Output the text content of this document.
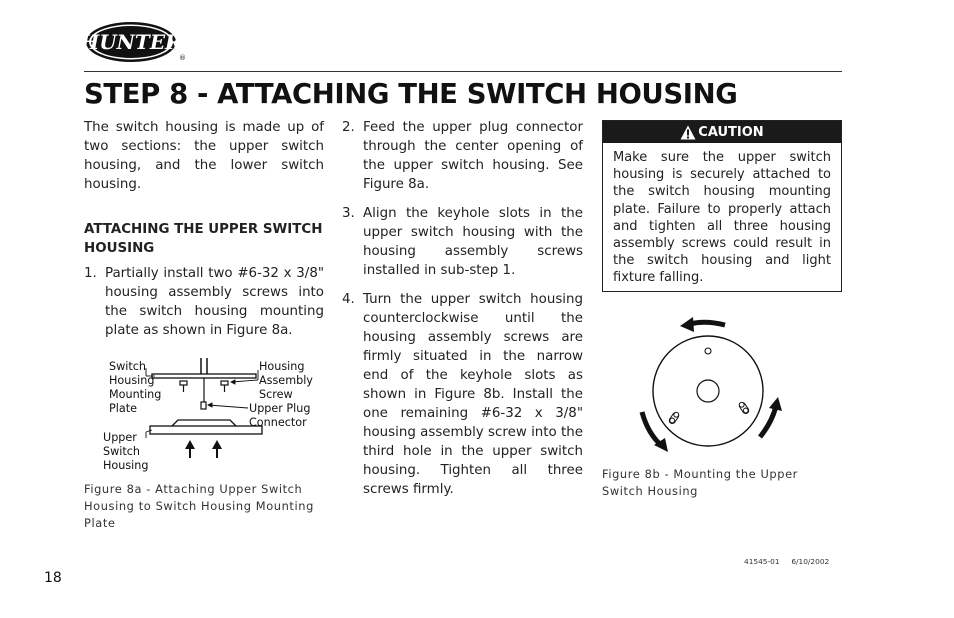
HUNTER
®
STEP 8 - ATTACHING THE SWITCH HOUSING

The switch housing is made up of two sections: the upper switch housing, and the lower switch housing.

ATTACHING THE UPPER SWITCH HOUSING

1. Partially install two #6-32 x 3/8" housing assembly screws into the switch housing mounting plate as shown in Figure 8a.
2. Feed the upper plug connector through the center opening of the upper switch housing. See Figure 8a.
3. Align the keyhole slots in the upper switch housing with the housing assembly screws installed in sub-step 1.
4. Turn the upper switch housing counterclockwise until the housing assembly screws are firmly situated in the narrow end of the keyhole slots as shown in Figure 8b. Install the one remaining #6-32 x 3/8" housing assembly screw into the third hole in the upper switch housing. Tighten all three screws firmly.
CAUTION
Make sure the upper switch housing is securely attached to the switch housing mounting plate. Failure to properly attach and tighten all three housing assembly screws could result in the switch housing and light fixture falling.
Switch
Housing
Mounting
Plate
Housing
Assembly
Screw
Upper Plug
Connector
Upper
Switch
Housing
Figure 8a - Attaching Upper Switch Housing to Switch Housing Mounting Plate
Figure 8b - Mounting the Upper Switch Housing
41545-01     6/10/2002
18
